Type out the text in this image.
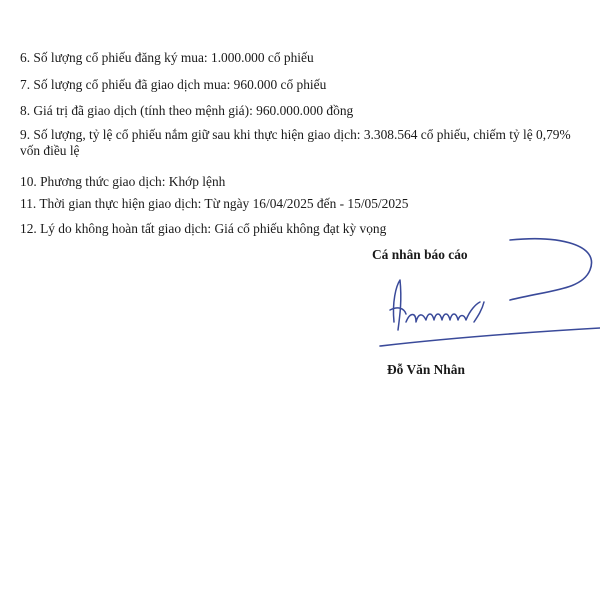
6. Số lượng cổ phiếu đăng ký mua: 1.000.000 cổ phiếu
7. Số lượng cổ phiếu đã giao dịch mua: 960.000 cổ phiếu
8. Giá trị đã giao dịch (tính theo mệnh giá): 960.000.000 đồng
9. Số lượng, tỷ lệ cổ phiếu nắm giữ sau khi thực hiện giao dịch: 3.308.564 cổ phiếu, chiếm tỷ lệ 0,79% vốn điều lệ
10. Phương thức giao dịch: Khớp lệnh
11. Thời gian thực hiện giao dịch: Từ ngày 16/04/2025 đến - 15/05/2025
12. Lý do không hoàn tất giao dịch: Giá cổ phiếu không đạt kỳ vọng
Cá nhân báo cáo
Đỗ Văn Nhân
